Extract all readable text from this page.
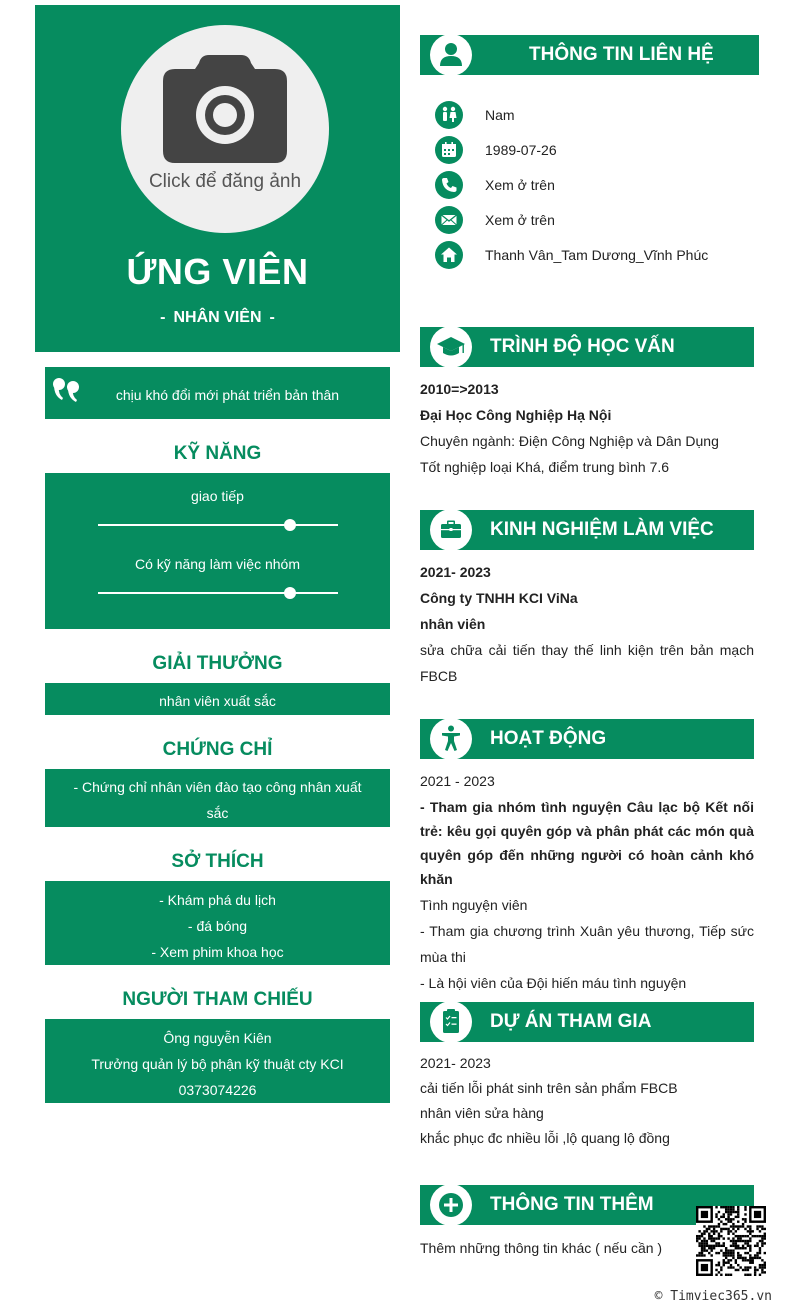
Click để đăng ảnh
ỨNG VIÊN
- NHÂN VIÊN -
chịu khó đổi mới phát triển bản thân
KỸ NĂNG
giao tiếp
Có kỹ năng làm việc nhóm
GIẢI THƯỞNG
nhân viên xuất sắc
CHỨNG CHỈ
- Chứng chỉ nhân viên đào tạo công nhân xuất sắc
SỞ THÍCH
- Khám phá du lịch
- đá bóng
- Xem phim khoa học
NGƯỜI THAM CHIẾU
Ông nguyễn Kiên
Trưởng quản lý bộ phận kỹ thuật cty KCI
0373074226
THÔNG TIN LIÊN HỆ
Nam
1989-07-26
Xem ở trên
Xem ở trên
Thanh Vân_Tam Dương_Vĩnh Phúc
TRÌNH ĐỘ HỌC VẤN
2010=>2013
Đại Học Công Nghiệp Hạ Nội
Chuyên ngành: Điện Công Nghiệp và Dân Dụng
Tốt nghiệp loại Khá, điểm trung bình 7.6
KINH NGHIỆM LÀM VIỆC
2021- 2023
Công ty TNHH KCI ViNa
nhân viên
sửa chữa cải tiến thay thế linh kiện trên bản mạch FBCB
HOẠT ĐỘNG
2021 - 2023
- Tham gia nhóm tình nguyện Câu lạc bộ Kết nối trẻ: kêu gọi quyên góp và phân phát các món quà quyên góp đến những người có hoàn cảnh khó khăn
Tình nguyện viên
- Tham gia chương trình Xuân yêu thương, Tiếp sức mùa thi
- Là hội viên của Đội hiến máu tình nguyện
DỰ ÁN THAM GIA
2021- 2023
cải tiến lỗi phát sinh trên sản phẩm FBCB
nhân viên sửa hàng
khắc phục đc nhiều lỗi ,lộ quang lộ đồng
THÔNG TIN THÊM
Thêm những thông tin khác ( nếu cần )
© Timviec365.vn
